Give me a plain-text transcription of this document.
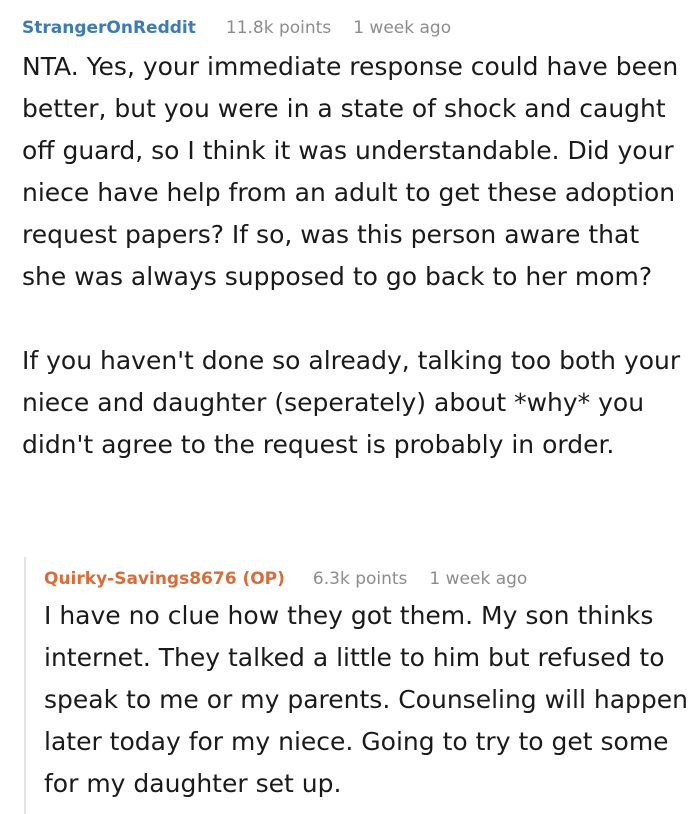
StrangerOnReddit 11.8k points 1 week ago

NTA. Yes, your immediate response could have been better, but you were in a state of shock and caught off guard, so I think it was understandable. Did your niece have help from an adult to get these adoption request papers? If so, was this person aware that she was always supposed to go back to her mom?

If you haven't done so already, talking too both your niece and daughter (seperately) about *why* you didn't agree to the request is probably in order.

Quirky-Savings8676 (OP) 6.3k points 1 week ago

I have no clue how they got them. My son thinks internet. They talked a little to him but refused to speak to me or my parents. Counseling will happen later today for my niece. Going to try to get some for my daughter set up.
